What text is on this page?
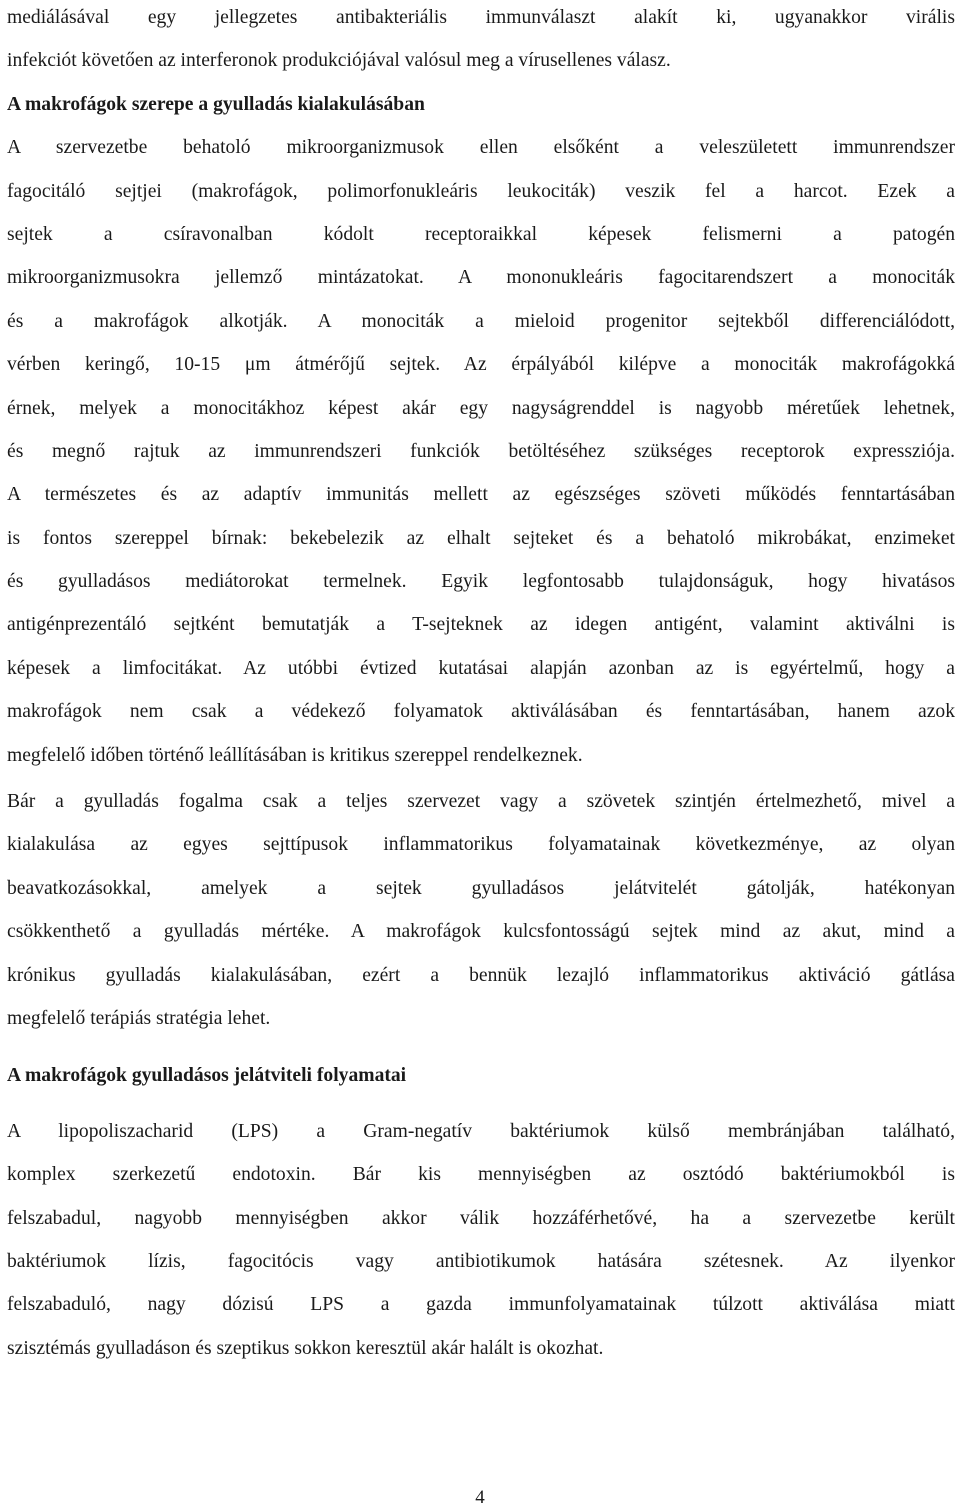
mediálásával egy jellegzetes antibakteriális immunválaszt alakít ki, ugyanakkor virális
infekciót követően az interferonok produkciójával valósul meg a vírusellenes válasz.
A makrofágok szerepe a gyulladás kialakulásában
A szervezetbe behatoló mikroorganizmusok ellen elsőként a veleszületett immunrendszer
fagocitáló sejtjei (makrofágok, polimorfonukleáris leukociták) veszik fel a harcot. Ezek a
sejtek a csíravonalban kódolt receptoraikkal képesek felismerni a patogén
mikroorganizmusokra jellemző mintázatokat. A mononukleáris fagocitarendszert a monociták
és a makrofágok alkotják. A monociták a mieloid progenitor sejtekből differenciálódott,
vérben keringő, 10-15 μm átmérőjű sejtek. Az érpályából kilépve a monociták makrofágokká
érnek, melyek a monocitákhoz képest akár egy nagyságrenddel is nagyobb méretűek lehetnek,
és megnő rajtuk az immunrendszeri funkciók betöltéséhez szükséges receptorok expressziója.
A természetes és az adaptív immunitás mellett az egészséges szöveti működés fenntartásában
is fontos szereppel bírnak: bekebelezik az elhalt sejteket és a behatoló mikrobákat, enzimeket
és gyulladásos mediátorokat termelnek. Egyik legfontosabb tulajdonságuk, hogy hivatásos
antigénprezentáló sejtként bemutatják a T-sejteknek az idegen antigént, valamint aktiválni is
képesek a limfocitákat. Az utóbbi évtized kutatásai alapján azonban az is egyértelmű, hogy a
makrofágok nem csak a védekező folyamatok aktiválásában és fenntartásában, hanem azok
megfelelő időben történő leállításában is kritikus szereppel rendelkeznek.
Bár a gyulladás fogalma csak a teljes szervezet vagy a szövetek szintjén értelmezhető, mivel a
kialakulása az egyes sejttípusok inflammatorikus folyamatainak következménye, az olyan
beavatkozásokkal, amelyek a sejtek gyulladásos jelátvitelét gátolják, hatékonyan
csökkenthető a gyulladás mértéke. A makrofágok kulcsfontosságú sejtek mind az akut, mind a
krónikus gyulladás kialakulásában, ezért a bennük lezajló inflammatorikus aktiváció gátlása
megfelelő terápiás stratégia lehet.
A makrofágok gyulladásos jelátviteli folyamatai
A lipopoliszacharid (LPS) a Gram-negatív baktériumok külső membránjában található,
komplex szerkezetű endotoxin. Bár kis mennyiségben az osztódó baktériumokból is
felszabadul, nagyobb mennyiségben akkor válik hozzáférhetővé, ha a szervezetbe került
baktériumok lízis, fagocitócis vagy antibiotikumok hatására szétesnek. Az ilyenkor
felszabaduló, nagy dózisú LPS a gazda immunfolyamatainak túlzott aktiválása miatt
szisztémás gyulladáson és szeptikus sokkon keresztül akár halált is okozhat.
4
